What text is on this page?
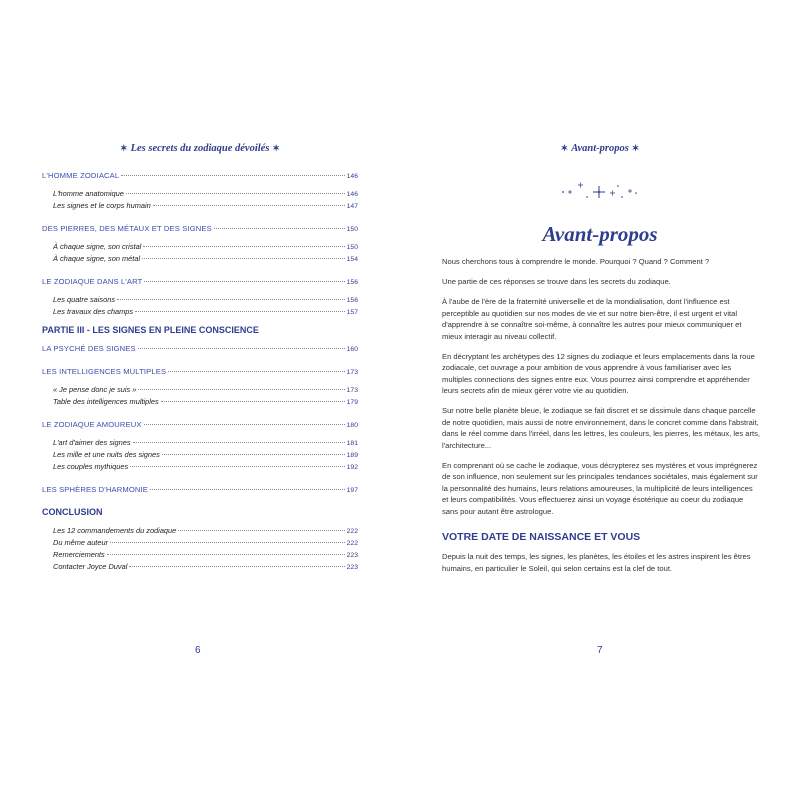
✶ Les secrets du zodiaque dévoilés ✶
L'HOMME ZODIACAL	146
L'homme anatomique	146
Les signes et le corps humain	147
DES PIERRES, DES MÉTAUX ET DES SIGNES	150
À chaque signe, son cristal	150
À chaque signe, son métal	154
LE ZODIAQUE DANS L'ART	156
Les quatre saisons	156
Les travaux des champs	157
PARTIE III - LES SIGNES EN PLEINE CONSCIENCE
LA PSYCHÉ DES SIGNES	160
LES INTELLIGENCES MULTIPLES	173
« Je pense donc je suis »	173
Table des intelligences multiples	179
LE ZODIAQUE AMOUREUX	180
L'art d'aimer des signes	181
Les mille et une nuits des signes	189
Les couples mythiques	192
LES SPHÈRES D'HARMONIE	197
CONCLUSION
Les 12 commandements du zodiaque	222
Du même auteur	222
Remerciements	223
Contacter Joyce Duval	223
6
✶ Avant-propos ✶
Avant-propos

Nous cherchons tous à comprendre le monde. Pourquoi ? Quand ? Comment ?

Une partie de ces réponses se trouve dans les secrets du zodiaque.

À l'aube de l'ère de la fraternité universelle et de la mondialisation, dont l'influence est perceptible au quotidien sur nos modes de vie et sur notre bien-être, il est urgent et vital d'apprendre à se connaître soi-même, à connaître les autres pour mieux communiquer et mieux interagir au niveau collectif.

En décryptant les archétypes des 12 signes du zodiaque et leurs emplacements dans la roue zodiacale, cet ouvrage a pour ambition de vous apprendre à vous familiariser avec les multiples connections des signes entre eux. Vous pourrez ainsi comprendre et appréhender leurs secrets afin de mieux gérer votre vie au quotidien.

Sur notre belle planète bleue, le zodiaque se fait discret et se dissimule dans chaque parcelle de notre quotidien, mais aussi de notre environnement, dans le concret comme dans l'abstrait, dans le réel comme dans l'irréel, dans les lettres, les couleurs, les pierres, les métaux, les arts, l'architecture...

En comprenant où se cache le zodiaque, vous décrypterez ses mystères et vous imprégnerez de son influence, non seulement sur les principales tendances sociétales, mais également sur la personnalité des humains, leurs relations amoureuses, la multiplicité de leurs intelligences et leurs compatibilités. Vous effectuerez ainsi un voyage ésotérique au coeur du zodiaque sans pour autant être astrologue.

VOTRE DATE DE NAISSANCE ET VOUS

Depuis la nuit des temps, les signes, les planètes, les étoiles et les astres inspirent les êtres humains, en particulier le Soleil, qui selon certains est la clef de tout.

7
